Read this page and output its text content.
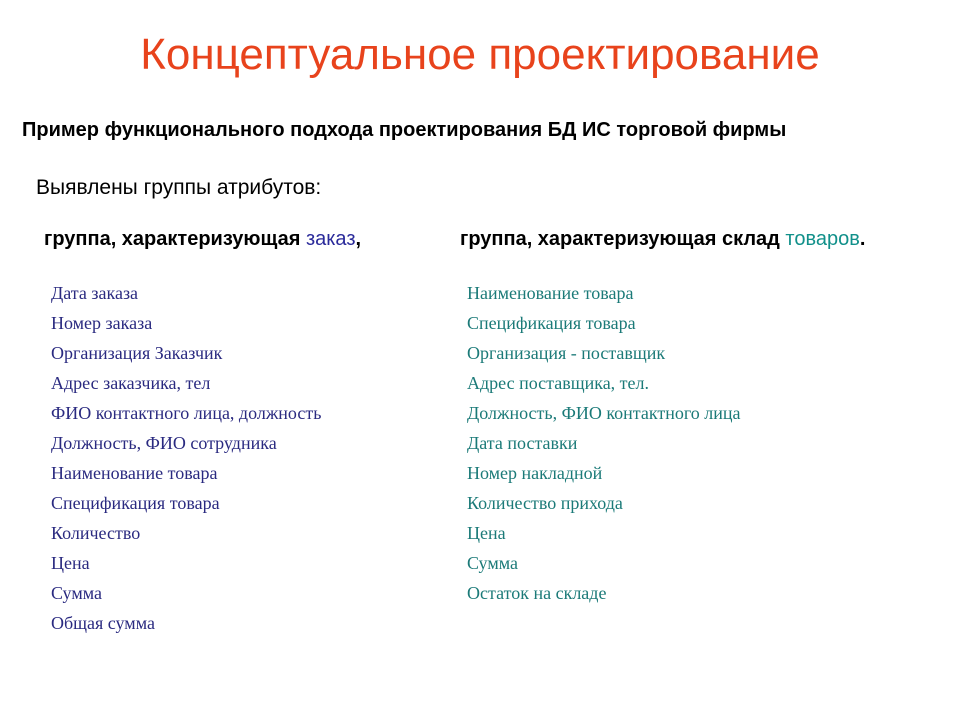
Концептуальное проектирование
Пример функционального подхода проектирования БД ИС торговой фирмы
Выявлены группы атрибутов:
группа, характеризующая заказ,	группа, характеризующая склад товаров.
Дата заказа
Номер заказа
Организация Заказчик
Адрес заказчика, тел
ФИО контактного лица, должность
Должность, ФИО сотрудника
Наименование товара
Спецификация товара
Количество
Цена
Сумма
Общая сумма
Наименование товара
Спецификация товара
Организация - поставщик
Адрес поставщика, тел.
Должность, ФИО контактного лица
Дата поставки
Номер накладной
Количество прихода
Цена
Сумма
Остаток на складе
